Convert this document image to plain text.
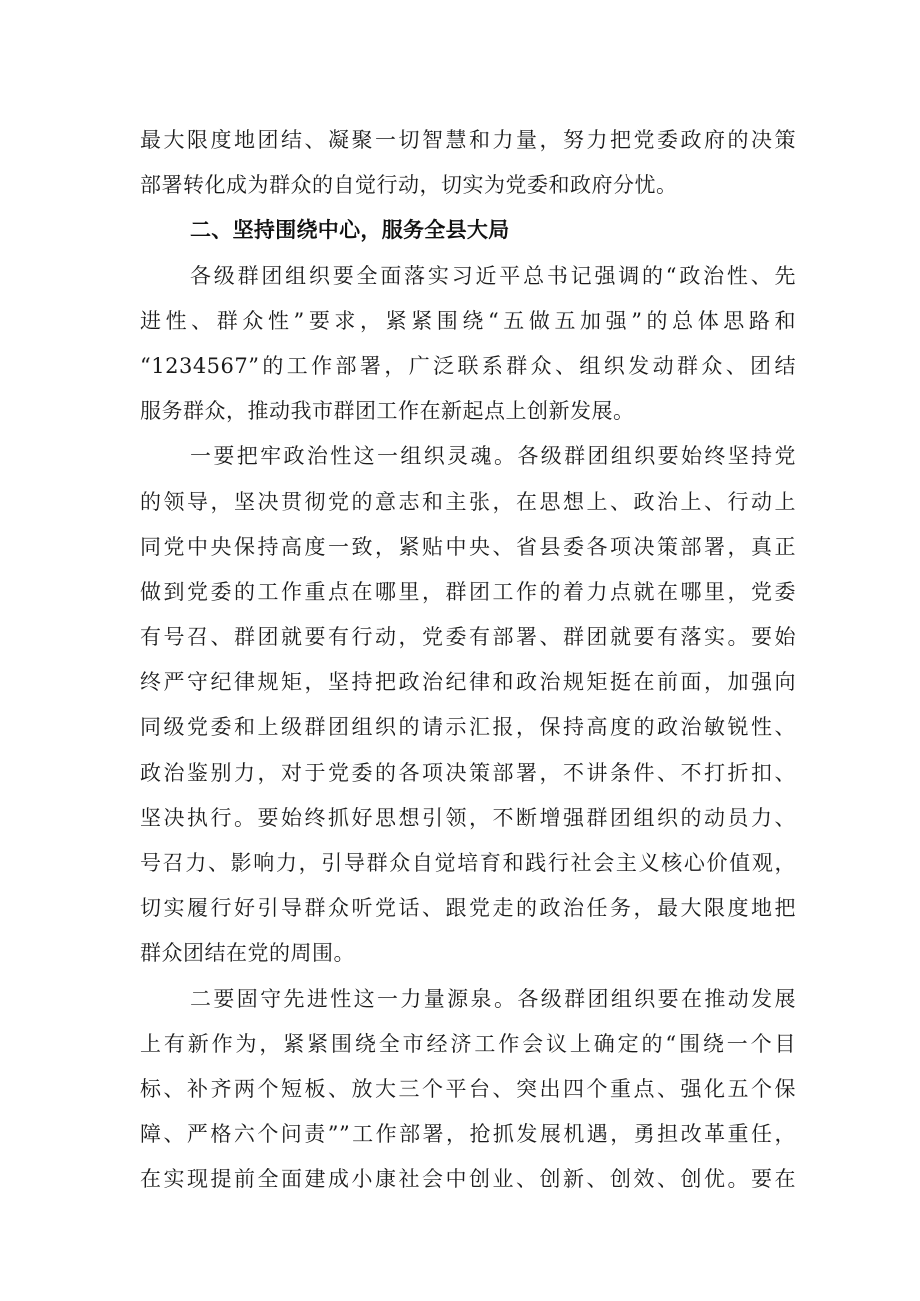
最大限度地团结、凝聚一切智慧和力量，努力把党委政府的决策
部署转化成为群众的自觉行动，切实为党委和政府分忧。
二、坚持围绕中心，服务全县大局
各级群团组织要全面落实习近平总书记强调的“政治性、先
进性、群众性”要求，紧紧围绕“五做五加强”的总体思路和
“1234567”的工作部署，广泛联系群众、组织发动群众、团结
服务群众，推动我市群团工作在新起点上创新发展。
一要把牢政治性这一组织灵魂。各级群团组织要始终坚持党
的领导，坚决贯彻党的意志和主张，在思想上、政治上、行动上
同党中央保持高度一致，紧贴中央、省县委各项决策部署，真正
做到党委的工作重点在哪里，群团工作的着力点就在哪里，党委
有号召、群团就要有行动，党委有部署、群团就要有落实。要始
终严守纪律规矩，坚持把政治纪律和政治规矩挺在前面，加强向
同级党委和上级群团组织的请示汇报，保持高度的政治敏锐性、
政治鉴别力，对于党委的各项决策部署，不讲条件、不打折扣、
坚决执行。要始终抓好思想引领，不断增强群团组织的动员力、
号召力、影响力，引导群众自觉培育和践行社会主义核心价值观，
切实履行好引导群众听党话、跟党走的政治任务，最大限度地把
群众团结在党的周围。
二要固守先进性这一力量源泉。各级群团组织要在推动发展
上有新作为，紧紧围绕全市经济工作会议上确定的“围绕一个目
标、补齐两个短板、放大三个平台、突出四个重点、强化五个保
障、严格六个问责””工作部署，抢抓发展机遇，勇担改革重任，
在实现提前全面建成小康社会中创业、创新、创效、创优。要在
